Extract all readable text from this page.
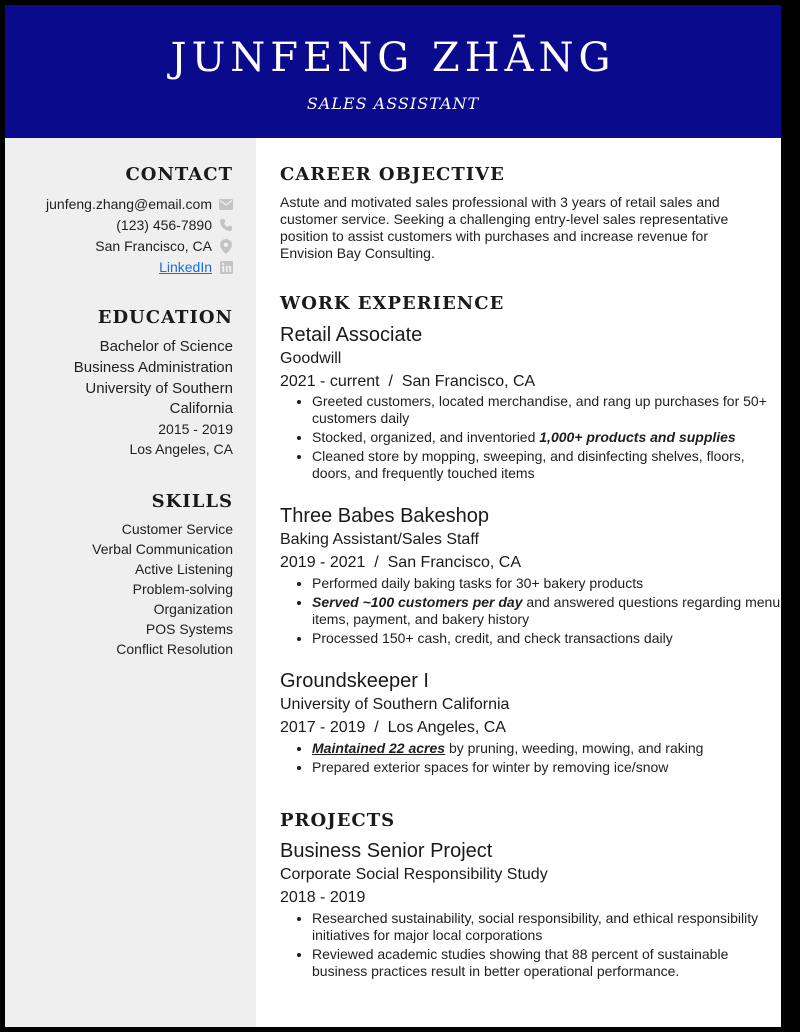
JUNFENG ZHĀNG
SALES ASSISTANT
CONTACT
junfeng.zhang@email.com
(123) 456-7890
San Francisco, CA
LinkedIn
EDUCATION
Bachelor of Science
Business Administration
University of Southern
California
2015 - 2019
Los Angeles, CA
SKILLS
Customer Service
Verbal Communication
Active Listening
Problem-solving
Organization
POS Systems
Conflict Resolution
CAREER OBJECTIVE
Astute and motivated sales professional with 3 years of retail sales and customer service. Seeking a challenging entry-level sales representative position to assist customers with purchases and increase revenue for Envision Bay Consulting.
WORK EXPERIENCE
Retail Associate
Goodwill
2021 - current  /  San Francisco, CA
• Greeted customers, located merchandise, and rang up purchases for 50+ customers daily
• Stocked, organized, and inventoried 1,000+ products and supplies
• Cleaned store by mopping, sweeping, and disinfecting shelves, floors, doors, and frequently touched items
Three Babes Bakeshop
Baking Assistant/Sales Staff
2019 - 2021  /  San Francisco, CA
• Performed daily baking tasks for 30+ bakery products
• Served ~100 customers per day and answered questions regarding menu items, payment, and bakery history
• Processed 150+ cash, credit, and check transactions daily
Groundskeeper I
University of Southern California
2017 - 2019  /  Los Angeles, CA
• Maintained 22 acres by pruning, weeding, mowing, and raking
• Prepared exterior spaces for winter by removing ice/snow
PROJECTS
Business Senior Project
Corporate Social Responsibility Study
2018 - 2019
• Researched sustainability, social responsibility, and ethical responsibility initiatives for major local corporations
• Reviewed academic studies showing that 88 percent of sustainable business practices result in better operational performance.
